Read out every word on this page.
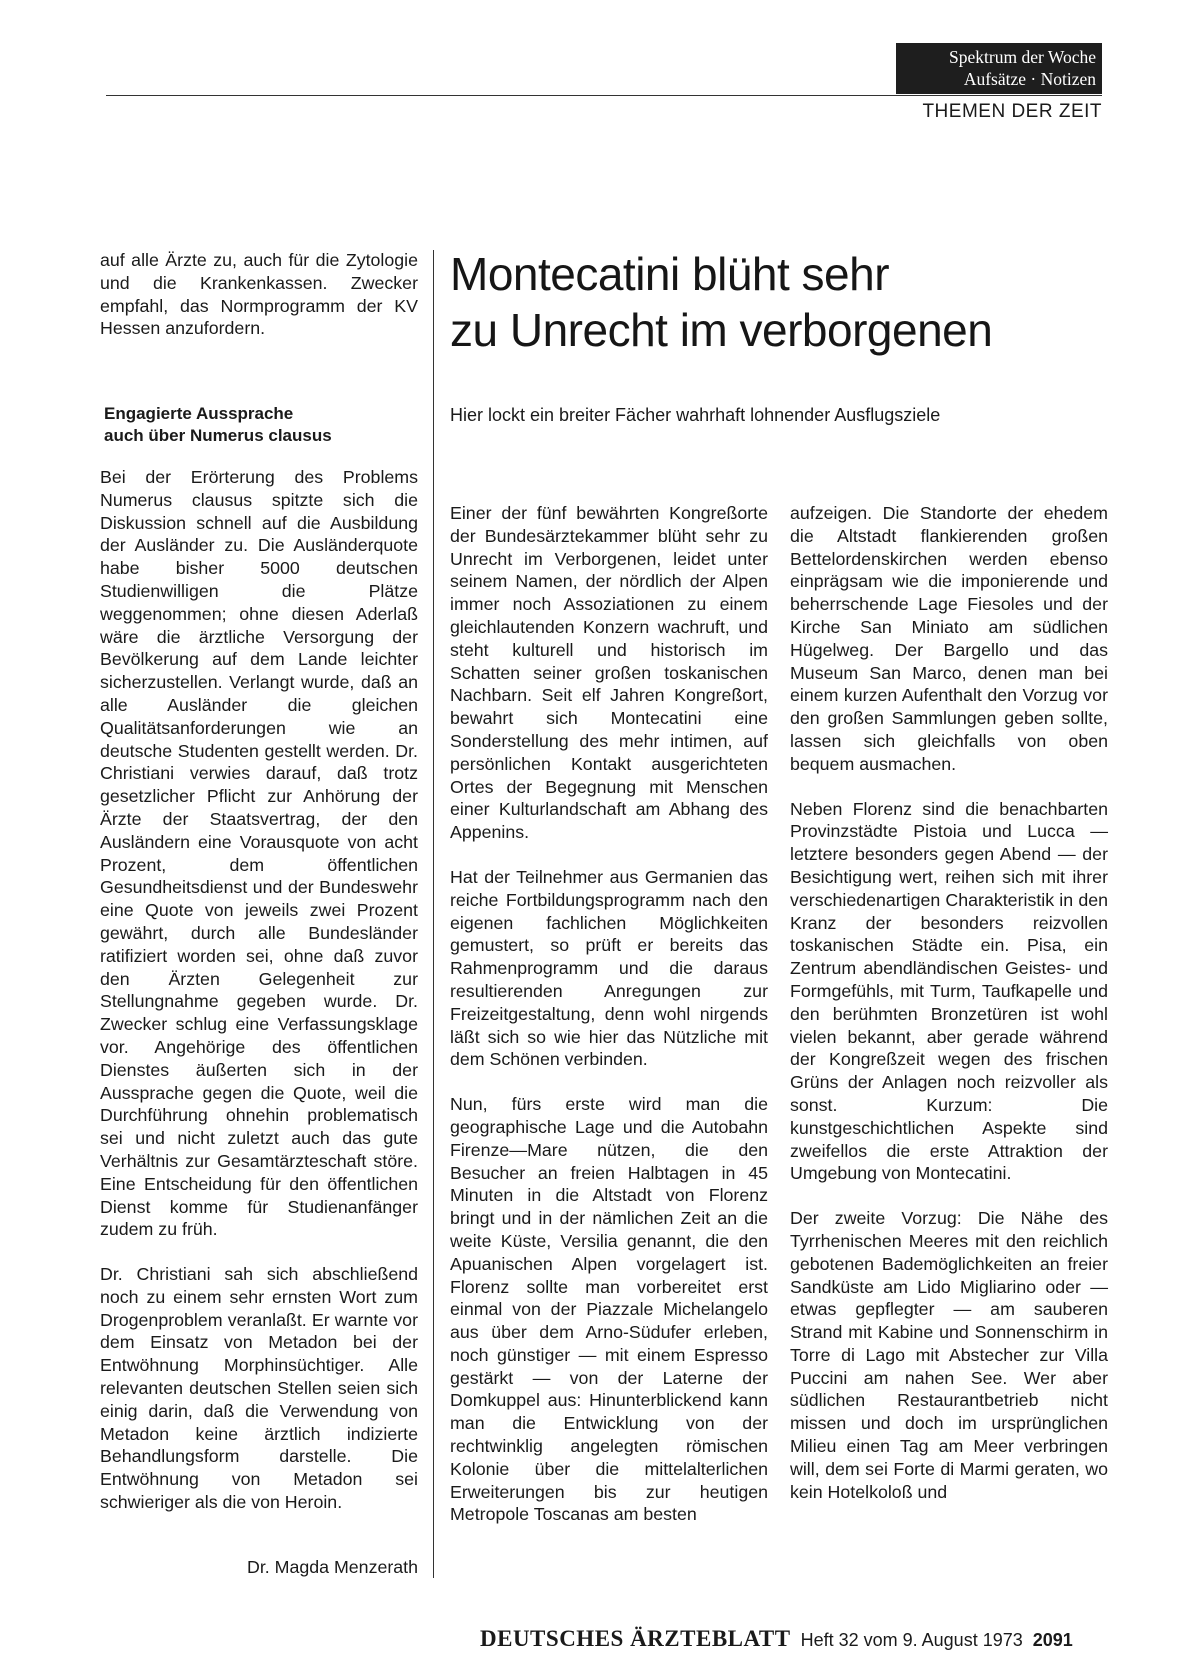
Spektrum der Woche
Aufsätze · Notizen
THEMEN DER ZEIT

auf alle Ärzte zu, auch für die Zytologie und die Krankenkassen. Zwecker empfahl, das Normprogramm der KV Hessen anzufordern.

Engagierte Aussprache
auch über Numerus clausus

Bei der Erörterung des Problems Numerus clausus spitzte sich die Diskussion schnell auf die Ausbildung der Ausländer zu. Die Ausländerquote habe bisher 5000 deutschen Studienwilligen die Plätze weggenommen; ohne diesen Aderlaß wäre die ärztliche Versorgung der Bevölkerung auf dem Lande leichter sicherzustellen. Verlangt wurde, daß an alle Ausländer die gleichen Qualitätsanforderungen wie an deutsche Studenten gestellt werden. Dr. Christiani verwies darauf, daß trotz gesetzlicher Pflicht zur Anhörung der Ärzte der Staatsvertrag, der den Ausländern eine Vorausquote von acht Prozent, dem öffentlichen Gesundheitsdienst und der Bundeswehr eine Quote von jeweils zwei Prozent gewährt, durch alle Bundesländer ratifiziert worden sei, ohne daß zuvor den Ärzten Gelegenheit zur Stellungnahme gegeben wurde. Dr. Zwecker schlug eine Verfassungsklage vor. Angehörige des öffentlichen Dienstes äußerten sich in der Aussprache gegen die Quote, weil die Durchführung ohnehin problematisch sei und nicht zuletzt auch das gute Verhältnis zur Gesamtärzteschaft störe. Eine Entscheidung für den öffentlichen Dienst komme für Studienanfänger zudem zu früh.

Dr. Christiani sah sich abschließend noch zu einem sehr ernsten Wort zum Drogenproblem veranlaßt. Er warnte vor dem Einsatz von Metadon bei der Entwöhnung Morphinsüchtiger. Alle relevanten deutschen Stellen seien sich einig darin, daß die Verwendung von Metadon keine ärztlich indizierte Behandlungsform darstelle. Die Entwöhnung von Metadon sei schwieriger als die von Heroin.

Dr. Magda Menzerath
Montecatini blüht sehr
zu Unrecht im verborgenen
Hier lockt ein breiter Fächer wahrhaft lohnender Ausflugsziele

Einer der fünf bewährten Kongreßorte der Bundesärztekammer blüht sehr zu Unrecht im Verborgenen, leidet unter seinem Namen, der nördlich der Alpen immer noch Assoziationen zu einem gleichlautenden Konzern wachruft, und steht kulturell und historisch im Schatten seiner großen toskanischen Nachbarn. Seit elf Jahren Kongreßort, bewahrt sich Montecatini eine Sonderstellung des mehr intimen, auf persönlichen Kontakt ausgerichteten Ortes der Begegnung mit Menschen einer Kulturlandschaft am Abhang des Appenins.

Hat der Teilnehmer aus Germanien das reiche Fortbildungsprogramm nach den eigenen fachlichen Möglichkeiten gemustert, so prüft er bereits das Rahmenprogramm und die daraus resultierenden Anregungen zur Freizeitgestaltung, denn wohl nirgends läßt sich so wie hier das Nützliche mit dem Schönen verbinden.

Nun, fürs erste wird man die geographische Lage und die Autobahn Firenze—Mare nützen, die den Besucher an freien Halbtagen in 45 Minuten in die Altstadt von Florenz bringt und in der nämlichen Zeit an die weite Küste, Versilia genannt, die den Apuanischen Alpen vorgelagert ist. Florenz sollte man vorbereitet erst einmal von der Piazzale Michelangelo aus über dem Arno-Südufer erleben, noch günstiger — mit einem Espresso gestärkt — von der Laterne der Domkuppel aus: Hinunterblickend kann man die Entwicklung von der rechtwinklig angelegten römischen Kolonie über die mittelalterlichen Erweiterungen bis zur heutigen Metropole Toscanas am besten

aufzeigen. Die Standorte der ehedem die Altstadt flankierenden großen Bettelordenskirchen werden ebenso einprägsam wie die imponierende und beherrschende Lage Fiesoles und der Kirche San Miniato am südlichen Hügelweg. Der Bargello und das Museum San Marco, denen man bei einem kurzen Aufenthalt den Vorzug vor den großen Sammlungen geben sollte, lassen sich gleichfalls von oben bequem ausmachen.

Neben Florenz sind die benachbarten Provinzstädte Pistoia und Lucca — letztere besonders gegen Abend — der Besichtigung wert, reihen sich mit ihrer verschiedenartigen Charakteristik in den Kranz der besonders reizvollen toskanischen Städte ein. Pisa, ein Zentrum abendländischen Geistes- und Formgefühls, mit Turm, Taufkapelle und den berühmten Bronzetüren ist wohl vielen bekannt, aber gerade während der Kongreßzeit wegen des frischen Grüns der Anlagen noch reizvoller als sonst. Kurzum: Die kunstgeschichtlichen Aspekte sind zweifellos die erste Attraktion der Umgebung von Montecatini.

Der zweite Vorzug: Die Nähe des Tyrrhenischen Meeres mit den reichlich gebotenen Bademöglichkeiten an freier Sandküste am Lido Migliarino oder — etwas gepflegter — am sauberen Strand mit Kabine und Sonnenschirm in Torre di Lago mit Abstecher zur Villa Puccini am nahen See. Wer aber südlichen Restaurantbetrieb nicht missen und doch im ursprünglichen Milieu einen Tag am Meer verbringen will, dem sei Forte di Marmi geraten, wo kein Hotelkoloß und

DEUTSCHES ÄRZTEBLATT Heft 32 vom 9. August 1973 2091
